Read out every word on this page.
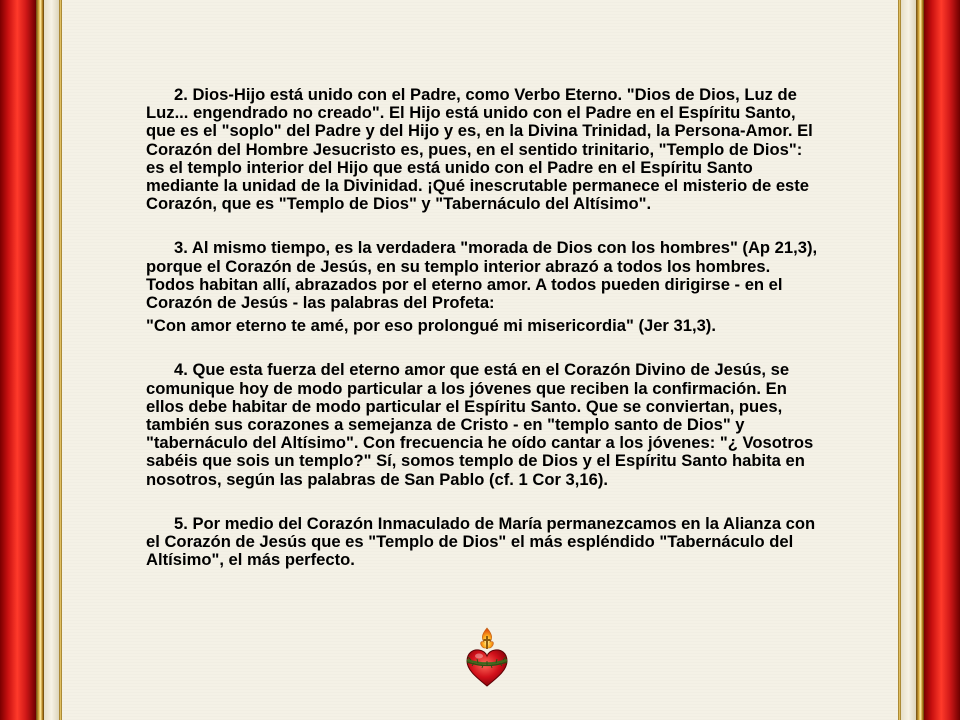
2. Dios-Hijo está unido con el Padre, como Verbo Eterno. "Dios de Dios, Luz de Luz... engendrado no creado". El Hijo está unido con el Padre en el Espíritu Santo, que es el "soplo" del Padre y del Hijo y es, en la Divina Trinidad, la Persona-Amor. El Corazón del Hombre Jesucristo es, pues, en el sentido trinitario, "Templo de Dios": es el templo interior del Hijo que está unido con el Padre en el Espíritu Santo mediante la unidad de la Divinidad. ¡Qué inescrutable permanece el misterio de este Corazón, que es "Templo de Dios" y "Tabernáculo del Altísimo".

3. Al mismo tiempo, es la verdadera "morada de Dios con los hombres" (Ap 21,3), porque el Corazón de Jesús, en su templo interior abrazó a todos los hombres. Todos habitan allí, abrazados por el eterno amor. A todos pueden dirigirse - en el Corazón de Jesús - las palabras del Profeta:
"Con amor eterno te amé, por eso prolongué mi misericordia" (Jer 31,3).

4. Que esta fuerza del eterno amor que está en el Corazón Divino de Jesús, se comunique hoy de modo particular a los jóvenes que reciben la confirmación. En ellos debe habitar de modo particular el Espíritu Santo. Que se conviertan, pues, también sus corazones a semejanza de Cristo - en "templo santo de Dios" y "tabernáculo del Altísimo". Con frecuencia he oído cantar a los jóvenes: "¿ Vosotros sabéis que sois un templo?" Sí, somos templo de Dios y el Espíritu Santo habita en nosotros, según las palabras de San Pablo (cf. 1 Cor 3,16).

5. Por medio del Corazón Inmaculado de María permanezcamos en la Alianza con el Corazón de Jesús que es "Templo de Dios" el más espléndido "Tabernáculo del Altísimo", el más perfecto.
